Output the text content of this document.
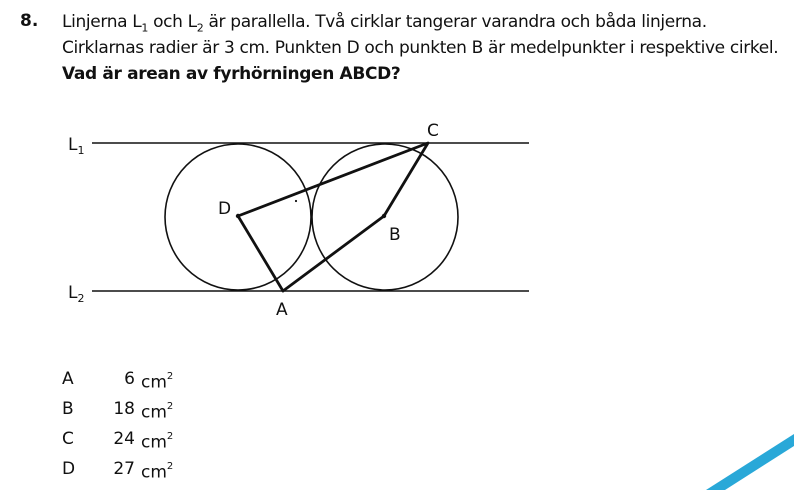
8. Linjerna $L_1$ och $L_2$ är parallella. Två cirklar tangerar varandra och båda linjerna. Cirklarnas radier är 3 cm. Punkten D och punkten B är medelpunkter i respektive cirkel. Vad är arean av fyrhörningen ABCD?
$L_1$
$L_2$
C
D
B
A
A	6 $cm^2$
B	18 $cm^2$
C	24 $cm^2$
D	27 $cm^2$
